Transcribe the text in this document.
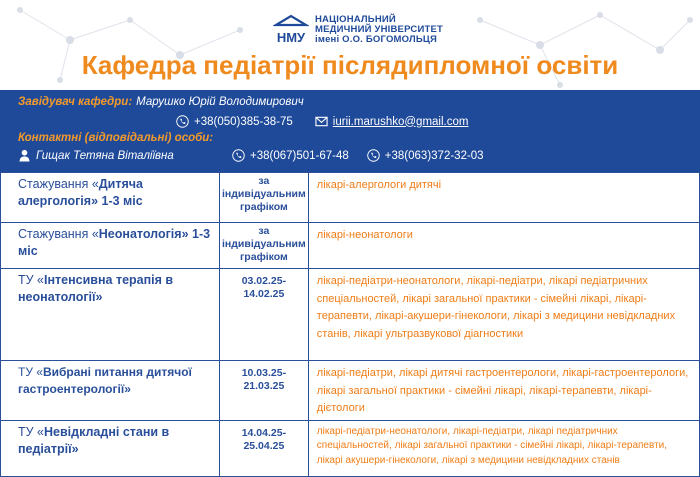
НМУ
НАЦІОНАЛЬНИЙ
МЕДИЧНИЙ УНІВЕРСИТЕТ
імені О.О. БОГОМОЛЬЦЯ
Кафедра педіатрії післядипломної освіти
Завідувач кафедри: Марушко Юрій Володимирович
+38(050)385-38-75	iurii.marushko@gmail.com
Контактні (відповідальні) особи:
Гищак Тетяна Віталіївна	+38(067)501-67-48	+38(063)372-32-03
Стажування «Дитяча алергологія» 1-3 міс	за індивідуальним графіком	лікарі-алергологи дитячі
Стажування «Неонатологія» 1-3 міс	за індивідуальним графіком	лікарі-неонатологи
ТУ «Інтенсивна терапія в неонатології»	03.02.25-14.02.25	лікарі-педіатри-неонатологи, лікарі-педіатри, лікарі педіатричних спеціальностей, лікарі загальної практики - сімейні лікарі, лікарі-терапевти, лікарі-акушери-гінекологи, лікарі з медицини невідкладних станів, лікарі ультразвукової діагностики
ТУ «Вибрані питання дитячої гастроентерології»	10.03.25-21.03.25	лікарі-педіатри, лікарі дитячі гастроентерологи, лікарі-гастроентерологи, лікарі загальної практики - сімейні лікарі, лікарі-терапевти, лікарі-дієтологи
ТУ «Невідкладні стани в педіатрії»	14.04.25-25.04.25	лікарі-педіатри-неонатологи, лікарі-педіатри, лікарі педіатричних спеціальностей, лікарі загальної практики - сімейні лікарі, лікарі-терапевти, лікарі акушери-гінекологи, лікарі з медицини невідкладних станів
